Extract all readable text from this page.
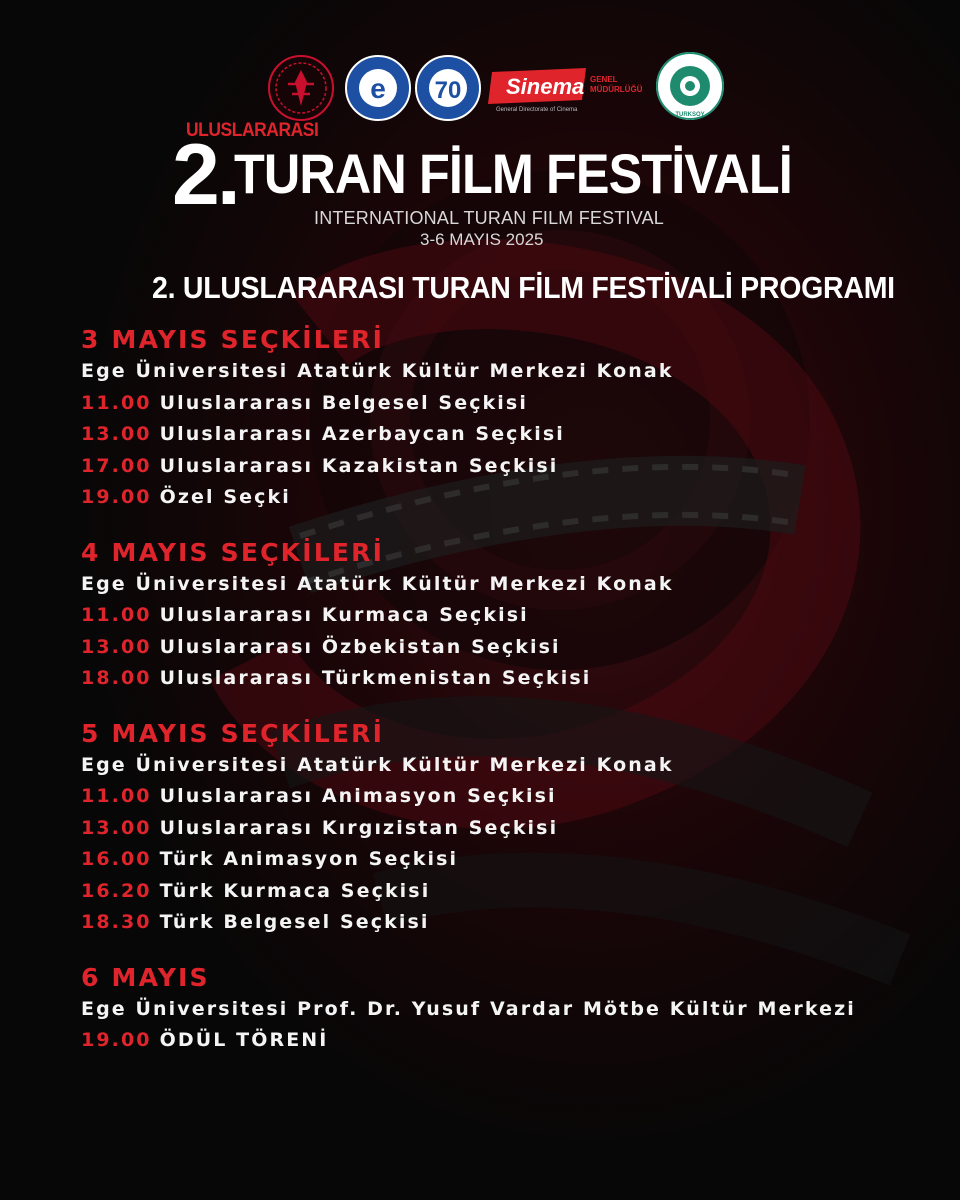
e 70 Sinema GENEL
MÜDÜRLÜĞÜ
General Directorate of Cinema
TURKSOY
ULUSLARARASI
2.
TURAN FİLM FESTİVALİ
INTERNATIONAL TURAN FILM FESTIVAL
3-6 MAYIS 2025
2. ULUSLARARASI TURAN FİLM FESTİVALİ PROGRAMI
3 MAYIS SEÇKİLERİ
Ege Üniversitesi Atatürk Kültür Merkezi Konak
11.00 Uluslararası Belgesel Seçkisi
13.00 Uluslararası Azerbaycan Seçkisi
17.00 Uluslararası Kazakistan Seçkisi
19.00 Özel Seçki
4 MAYIS SEÇKİLERİ
Ege Üniversitesi Atatürk Kültür Merkezi Konak
11.00 Uluslararası Kurmaca Seçkisi
13.00 Uluslararası Özbekistan Seçkisi
18.00 Uluslararası Türkmenistan Seçkisi
5 MAYIS SEÇKİLERİ
Ege Üniversitesi Atatürk Kültür Merkezi Konak
11.00 Uluslararası Animasyon Seçkisi
13.00 Uluslararası Kırgızistan Seçkisi
16.00 Türk Animasyon Seçkisi
16.20 Türk Kurmaca Seçkisi
18.30 Türk Belgesel Seçkisi
6 MAYIS
Ege Üniversitesi Prof. Dr. Yusuf Vardar Mötbe Kültür Merkezi
19.00 ÖDÜL TÖRENİ
